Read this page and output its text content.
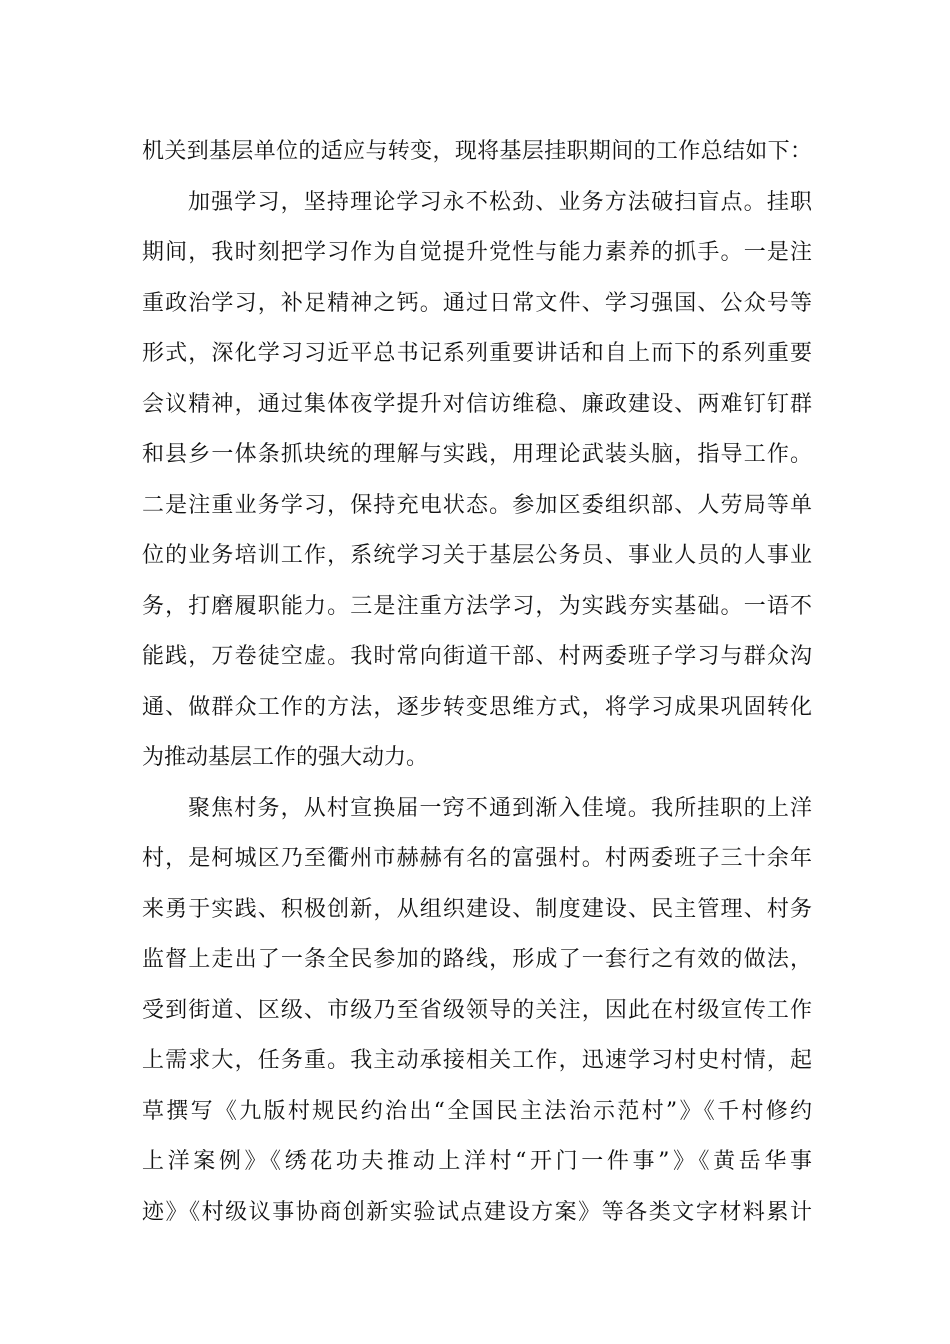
机关到基层单位的适应与转变，现将基层挂职期间的工作总结如下：
加强学习，坚持理论学习永不松劲、业务方法破扫盲点。挂职
期间，我时刻把学习作为自觉提升党性与能力素养的抓手。一是注
重政治学习，补足精神之钙。通过日常文件、学习强国、公众号等
形式，深化学习习近平总书记系列重要讲话和自上而下的系列重要
会议精神，通过集体夜学提升对信访维稳、廉政建设、两难钉钉群
和县乡一体条抓块统的理解与实践，用理论武装头脑，指导工作。
二是注重业务学习，保持充电状态。参加区委组织部、人劳局等单
位的业务培训工作，系统学习关于基层公务员、事业人员的人事业
务，打磨履职能力。三是注重方法学习，为实践夯实基础。一语不
能践，万卷徒空虚。我时常向街道干部、村两委班子学习与群众沟
通、做群众工作的方法，逐步转变思维方式，将学习成果巩固转化
为推动基层工作的强大动力。
聚焦村务，从村宣换届一窍不通到渐入佳境。我所挂职的上洋
村，是柯城区乃至衢州市赫赫有名的富强村。村两委班子三十余年
来勇于实践、积极创新，从组织建设、制度建设、民主管理、村务
监督上走出了一条全民参加的路线，形成了一套行之有效的做法，
受到街道、区级、市级乃至省级领导的关注，因此在村级宣传工作
上需求大，任务重。我主动承接相关工作，迅速学习村史村情，起
草撰写《九版村规民约治出“全国民主法治示范村”》《千村修约
上洋案例》《绣花功夫推动上洋村“开门一件事”》《黄岳华事
迹》《村级议事协商创新实验试点建设方案》等各类文字材料累计
